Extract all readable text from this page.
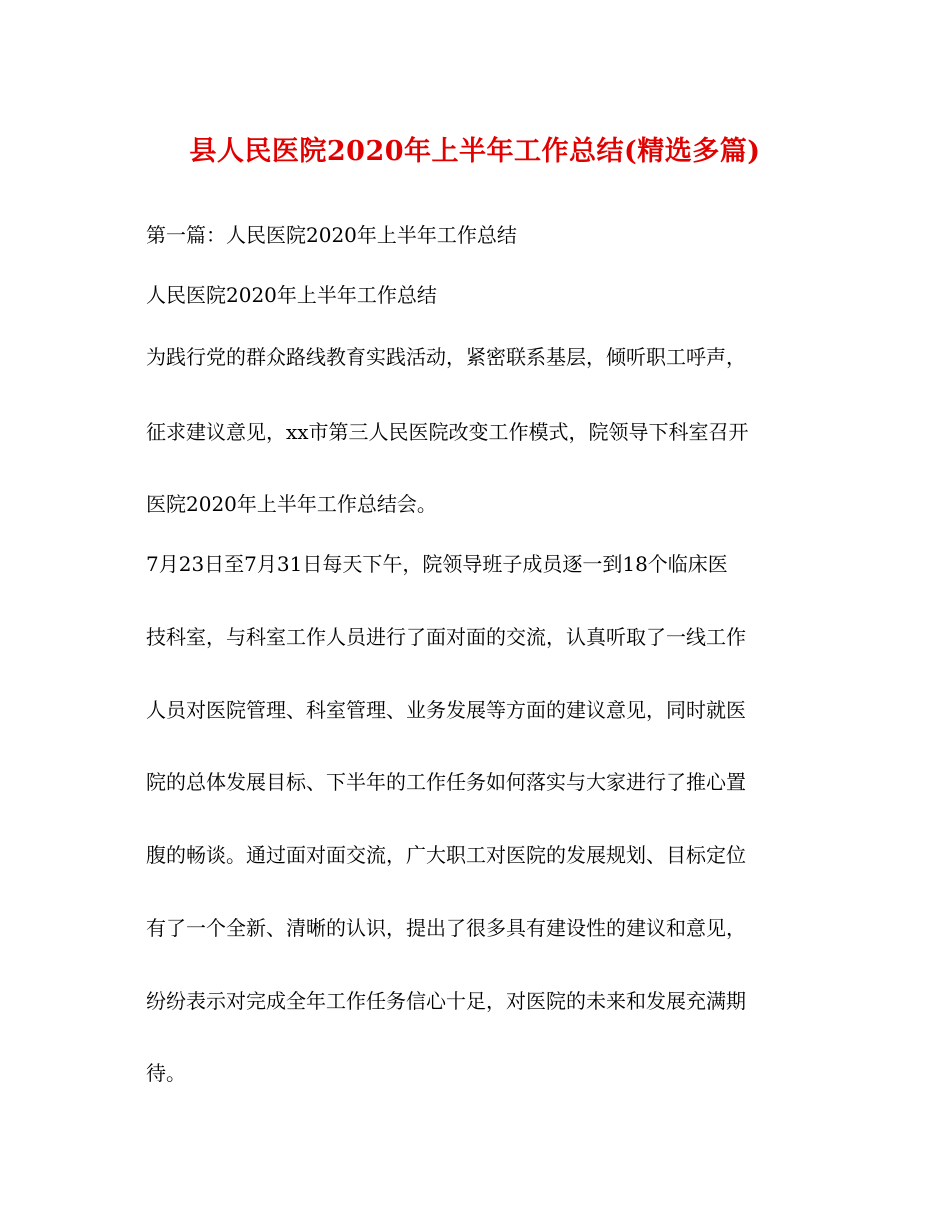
县人民医院2020年上半年工作总结(精选多篇)
第一篇：人民医院2020年上半年工作总结
人民医院2020年上半年工作总结
为践行党的群众路线教育实践活动，紧密联系基层，倾听职工呼声，
征求建议意见，xx市第三人民医院改变工作模式，院领导下科室召开
医院2020年上半年工作总结会。
7月23日至7月31日每天下午，院领导班子成员逐一到18个临床医
技科室，与科室工作人员进行了面对面的交流，认真听取了一线工作
人员对医院管理、科室管理、业务发展等方面的建议意见，同时就医
院的总体发展目标、下半年的工作任务如何落实与大家进行了推心置
腹的畅谈。通过面对面交流，广大职工对医院的发展规划、目标定位
有了一个全新、清晰的认识，提出了很多具有建设性的建议和意见，
纷纷表示对完成全年工作任务信心十足，对医院的未来和发展充满期
待。
